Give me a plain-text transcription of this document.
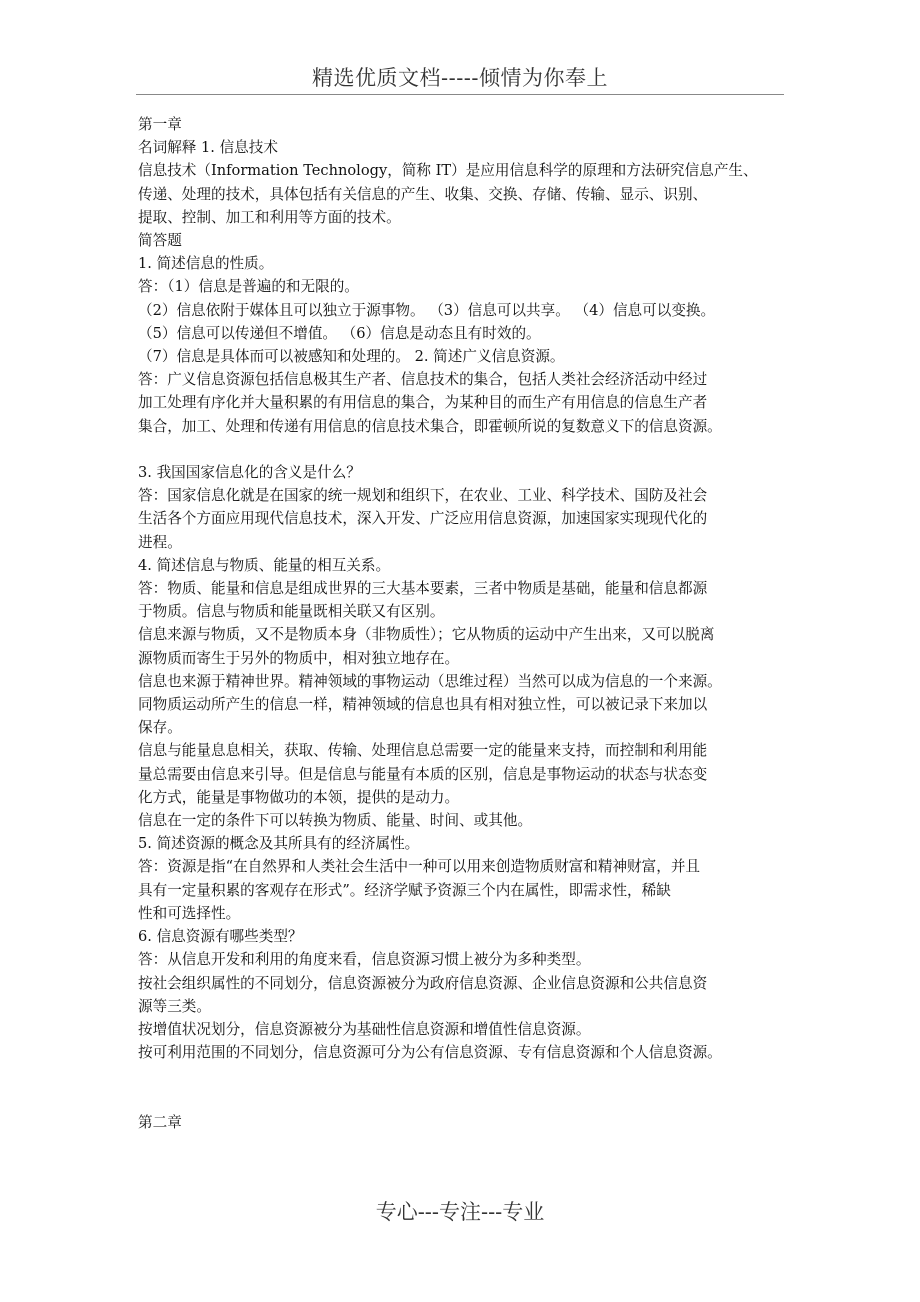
精选优质文档-----倾情为你奉上

第一章

名词解释 1. 信息技术

信息技术（Information Technology，简称 IT）是应用信息科学的原理和方法研究信息产生、

传递、处理的技术，具体包括有关信息的产生、收集、交换、存储、传输、显示、识别、

提取、控制、加工和利用等方面的技术。

简答题

1. 简述信息的性质。

答：（1）信息是普遍的和无限的。

（2）信息依附于媒体且可以独立于源事物。 （3）信息可以共享。 （4）信息可以变换。

（5）信息可以传递但不增值。 （6）信息是动态且有时效的。

（7）信息是具体而可以被感知和处理的。 2. 简述广义信息资源。

答：广义信息资源包括信息极其生产者、信息技术的集合，包括人类社会经济活动中经过

加工处理有序化并大量积累的有用信息的集合，为某种目的而生产有用信息的信息生产者

集合，加工、处理和传递有用信息的信息技术集合，即霍顿所说的复数意义下的信息资源。

3. 我国国家信息化的含义是什么？

答：国家信息化就是在国家的统一规划和组织下，在农业、工业、科学技术、国防及社会

生活各个方面应用现代信息技术，深入开发、广泛应用信息资源，加速国家实现现代化的

进程。

4. 简述信息与物质、能量的相互关系。

答：物质、能量和信息是组成世界的三大基本要素，三者中物质是基础，能量和信息都源

于物质。信息与物质和能量既相关联又有区别。

信息来源与物质，又不是物质本身（非物质性）；它从物质的运动中产生出来，又可以脱离

源物质而寄生于另外的物质中，相对独立地存在。

信息也来源于精神世界。精神领域的事物运动（思维过程）当然可以成为信息的一个来源。

同物质运动所产生的信息一样，精神领域的信息也具有相对独立性，可以被记录下来加以

保存。

信息与能量息息相关，获取、传输、处理信息总需要一定的能量来支持，而控制和利用能

量总需要由信息来引导。但是信息与能量有本质的区别，信息是事物运动的状态与状态变

化方式，能量是事物做功的本领，提供的是动力。

信息在一定的条件下可以转换为物质、能量、时间、或其他。

5. 简述资源的概念及其所具有的经济属性。

答：资源是指“在自然界和人类社会生活中一种可以用来创造物质财富和精神财富，并且

具有一定量积累的客观存在形式”。经济学赋予资源三个内在属性，即需求性，稀缺

性和可选择性。

6. 信息资源有哪些类型？

答：从信息开发和利用的角度来看，信息资源习惯上被分为多种类型。

按社会组织属性的不同划分，信息资源被分为政府信息资源、企业信息资源和公共信息资

源等三类。

按增值状况划分，信息资源被分为基础性信息资源和增值性信息资源。

按可利用范围的不同划分，信息资源可分为公有信息资源、专有信息资源和个人信息资源。

第二章

专心---专注---专业
